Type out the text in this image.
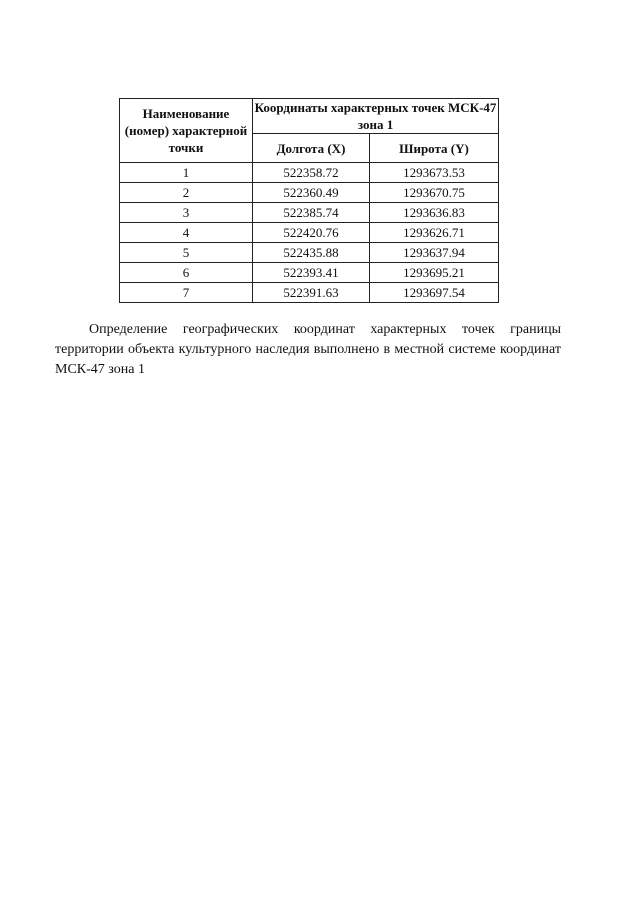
Наименование (номер) характерной точки	Координаты характерных точек МСК-47 зона 1	
	Долгота (X)	Широта (Y)
1	522358.72	1293673.53
2	522360.49	1293670.75
3	522385.74	1293636.83
4	522420.76	1293626.71
5	522435.88	1293637.94
6	522393.41	1293695.21
7	522391.63	1293697.54

Определение географических координат характерных точек границы территории объекта культурного наследия выполнено в местной системе координат МСК-47 зона 1
